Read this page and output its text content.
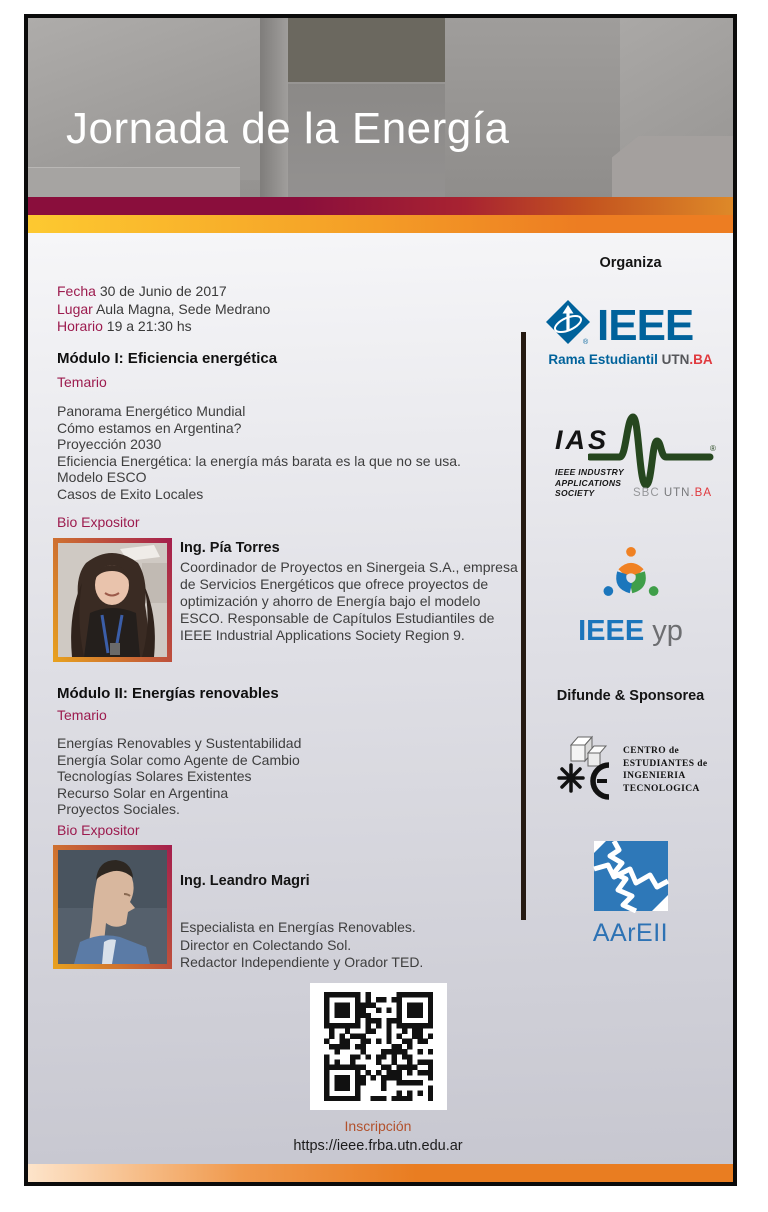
Jornada de la Energía
Fecha 30 de Junio de 2017
Lugar Aula Magna, Sede Medrano
Horario 19 a 21:30 hs
Módulo I: Eficiencia energética
Temario
Panorama Energético Mundial
Cómo estamos en Argentina?
Proyección 2030
Eficiencia Energética: la energía más barata es la que no se usa.
Modelo ESCO
Casos de Exito Locales
Bio Expositor
Ing. Pía Torres
Coordinador de Proyectos en Sinergeia S.A., empresa de Servicios Energéticos que ofrece proyectos de optimización y ahorro de Energía bajo el modelo ESCO. Responsable de Capítulos Estudiantiles de IEEE Industrial Applications Society Region 9.
Módulo II: Energías renovables
Temario
Energías Renovables y Sustentabilidad
Energía Solar como Agente de Cambio
Tecnologías Solares Existentes
Recurso Solar en Argentina
Proyectos Sociales.
Bio Expositor
Ing. Leandro Magri
Especialista en Energías Renovables.
Director en Colectando Sol.
Redactor Independiente y Orador TED.
Inscripción
https://ieee.frba.utn.edu.ar
Organiza
IEEE
®
Rama Estudiantil UTN.BA
IAS	®
IEEE INDUSTRY
APPLICATIONS
SOCIETY	SBC UTN.BA
IEEE yp
Difunde & Sponsorea
CENTRO de
ESTUDIANTES de
INGENIERIA
TECNOLOGICA
AArEII
